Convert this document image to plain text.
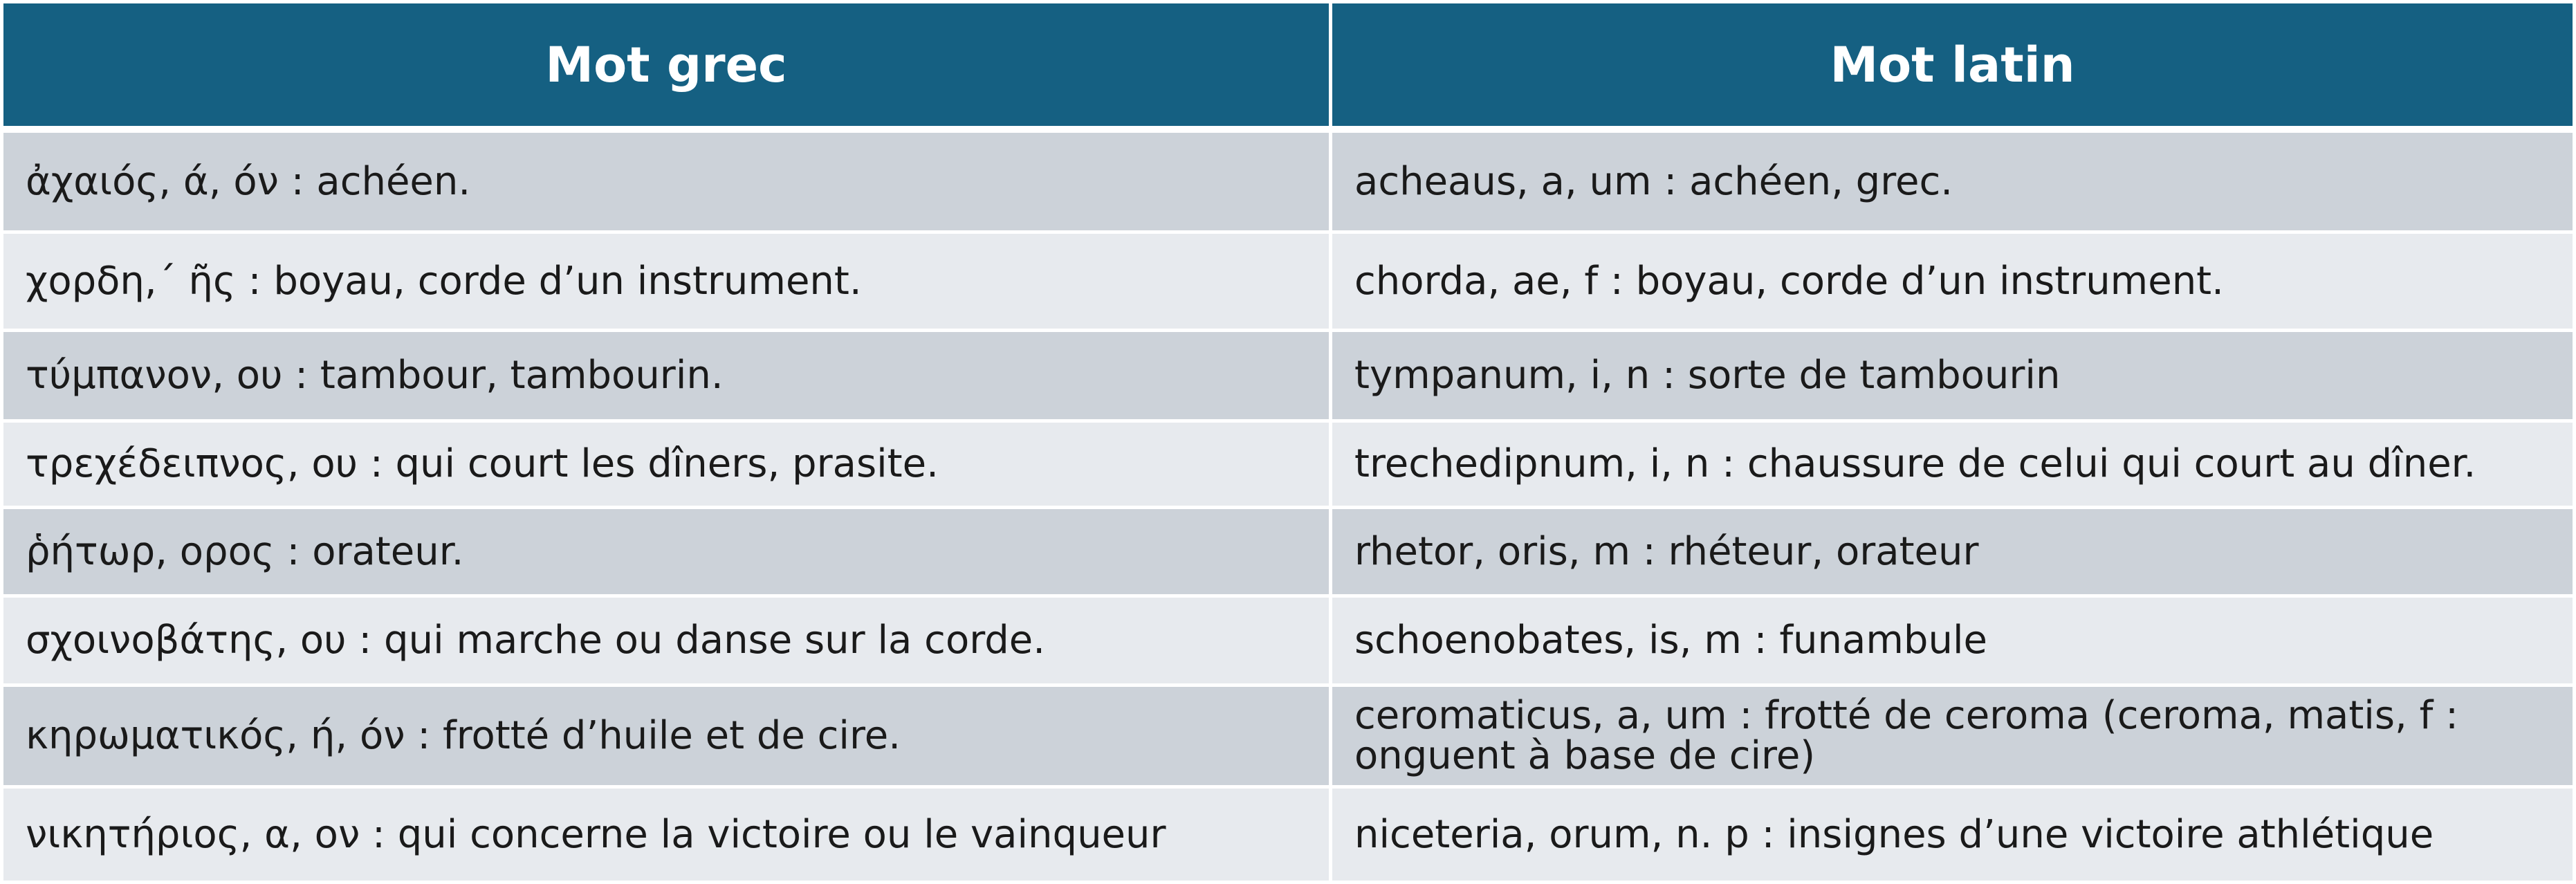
Mot grec	Mot latin
ἀχαιός, ά, όν : achéen.	acheaus, a, um : achéen, grec.
χορδη,΄ ῆς : boyau, corde d’un instrument.	chorda, ae, f : boyau, corde d’un instrument.
τύμπανον, ου : tambour, tambourin.	tympanum, i, n : sorte de tambourin
τρεχέδειπνος, ου : qui court les dîners, prasite.	trechedipnum, i, n : chaussure de celui qui court au dîner.
ῥήτωρ, ορος : orateur.	rhetor, oris, m : rhéteur, orateur
σχοινοβάτης, ου : qui marche ou danse sur la corde.	schoenobates, is, m : funambule
κηρωματικός, ή, όν : frotté d’huile et de cire.	ceromaticus, a, um : frotté de ceroma (ceroma, matis, f : onguent à base de cire)
νικητήριος, α, ον : qui concerne la victoire ou le vainqueur	niceteria, orum, n. p : insignes d’une victoire athlétique
